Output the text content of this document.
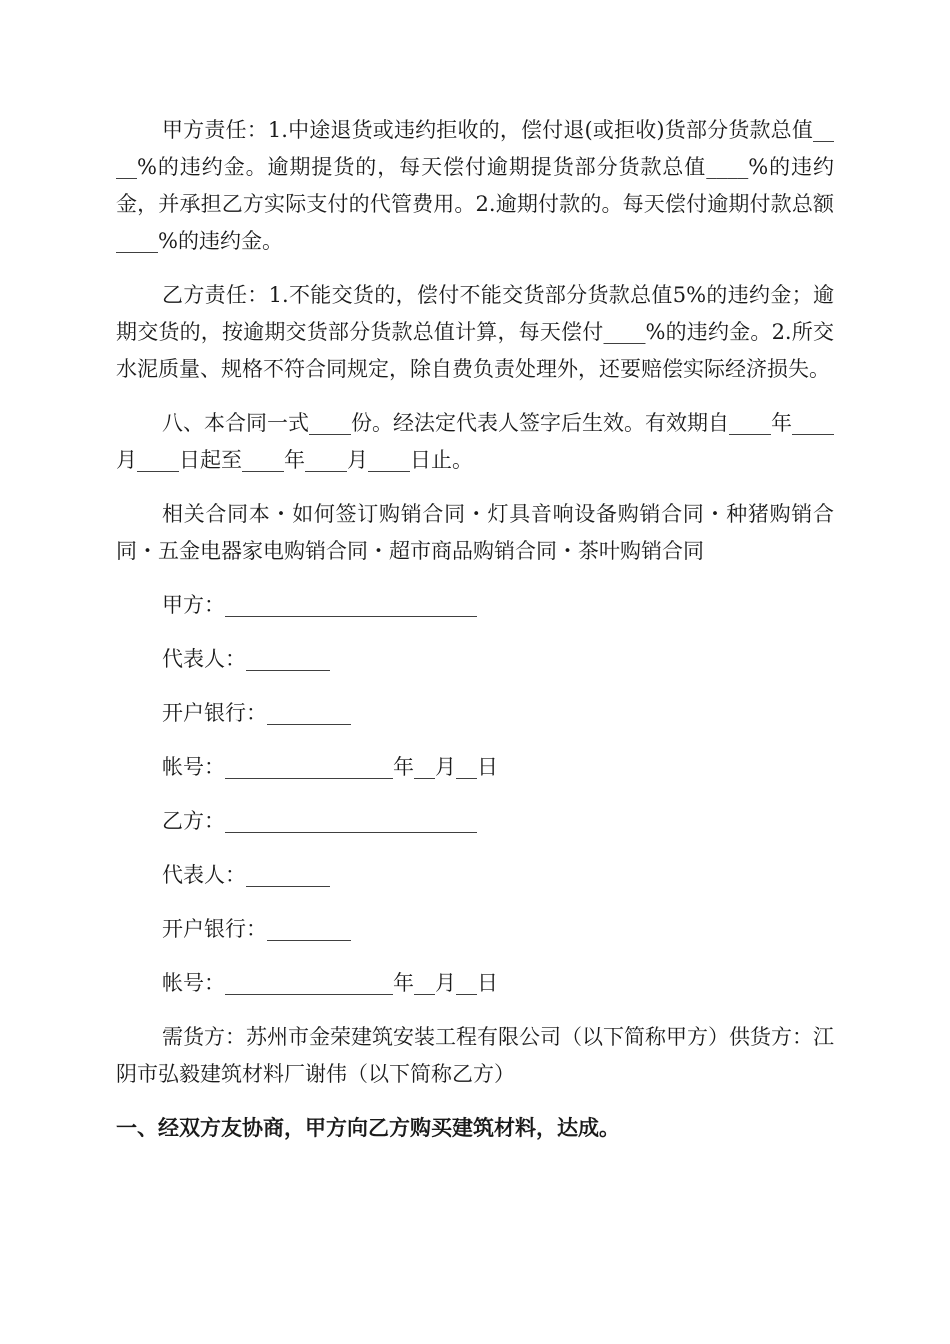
甲方责任：1.中途退货或违约拒收的，偿付退(或拒收)货部分货款总值____%的违约金。逾期提货的，每天偿付逾期提货部分货款总值____%的违约金，并承担乙方实际支付的代管费用。2.逾期付款的。每天偿付逾期付款总额____%的违约金。

乙方责任：1.不能交货的，偿付不能交货部分货款总值5%的违约金；逾期交货的，按逾期交货部分货款总值计算，每天偿付____%的违约金。2.所交水泥质量、规格不符合同规定，除自费负责处理外，还要赔偿实际经济损失。

八、本合同一式____份。经法定代表人签字后生效。有效期自____年____月____日起至____年____月____日止。

相关合同本・如何签订购销合同・灯具音响设备购销合同・种猪购销合同・五金电器家电购销合同・超市商品购销合同・茶叶购销合同

甲方：________________________

代表人：________

开户银行：________

帐号：________________年__月__日

乙方：________________________

代表人：________

开户银行：________

帐号：________________年__月__日

需货方：苏州市金荣建筑安装工程有限公司（以下简称甲方）供货方：江阴市弘毅建筑材料厂谢伟（以下简称乙方）

一、经双方友协商，甲方向乙方购买建筑材料，达成。
